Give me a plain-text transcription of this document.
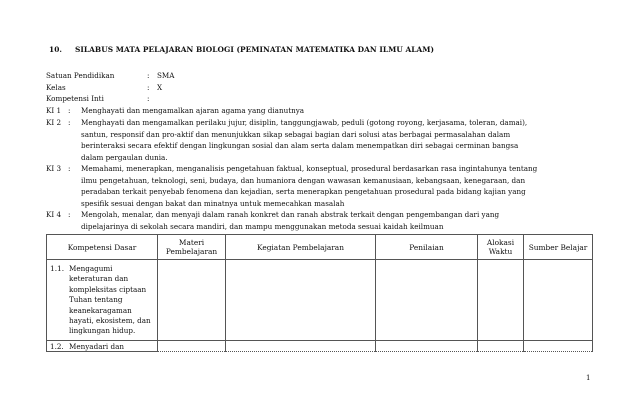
10. SILABUS MATA PELAJARAN BIOLOGI (PEMINATAN MATEMATIKA DAN ILMU ALAM)
Satuan Pendidikan	: SMA
Kelas	: X
Kompetensi Inti	:
KI 1 : Menghayati dan mengamalkan ajaran agama yang dianutnya
KI 2 : Menghayati dan mengamalkan perilaku jujur, disiplin, tanggungjawab, peduli (gotong royong, kerjasama, toleran, damai),
santun, responsif dan pro-aktif dan menunjukkan sikap sebagai bagian dari solusi atas berbagai permasalahan dalam
berinteraksi secara efektif dengan lingkungan sosial dan alam serta dalam menempatkan diri sebagai cerminan bangsa
dalam pergaulan dunia.
KI 3 : Memahami, menerapkan, menganalisis pengetahuan faktual, konseptual, prosedural berdasarkan rasa ingintahunya tentang
ilmu pengetahuan, teknologi, seni, budaya, dan humaniora dengan wawasan kemanusiaan, kebangsaan, kenegaraan, dan
peradaban terkait penyebab fenomena dan kejadian, serta menerapkan pengetahuan prosedural pada bidang kajian yang
spesifik sesuai dengan bakat dan minatnya untuk memecahkan masalah
KI 4 : Mengolah, menalar, dan menyaji dalam ranah konkret dan ranah abstrak terkait dengan pengembangan dari yang
dipelajarinya di sekolah secara mandiri, dan mampu menggunakan metoda sesuai kaidah keilmuan
Kompetensi Dasar	Materi Pembelajaran	Kegiatan Pembelajaran	Penilaian	Alokasi Waktu	Sumber Belajar

1.1. Mengagumi keteraturan dan kompleksitas ciptaan Tuhan tentang keanekaragaman hayati, ekosistem, dan lingkungan hidup.					

1.2. Menyadari dan					

1
